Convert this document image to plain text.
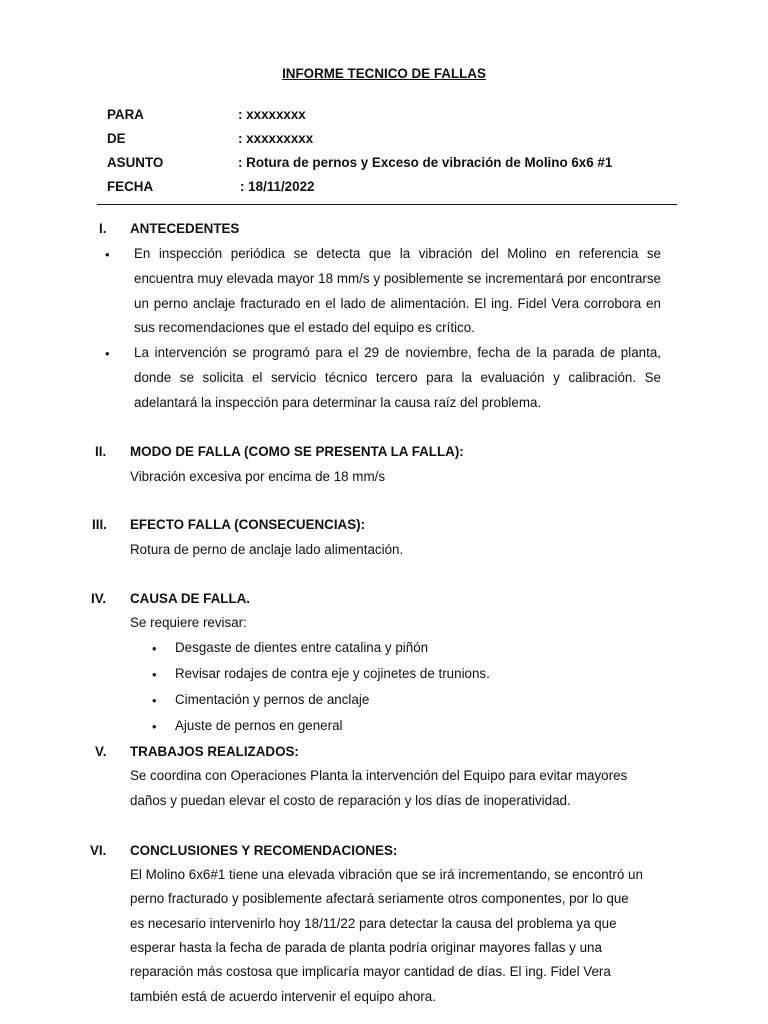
INFORME TECNICO DE FALLAS
PARA	: xxxxxxxx
DE	: xxxxxxxxx
ASUNTO	: Rotura de pernos y Exceso de vibración de Molino 6x6 #1
FECHA	: 18/11/2022
I. ANTECEDENTES
• En inspección periódica se detecta que la vibración del Molino en referencia se encuentra muy elevada mayor 18 mm/s y posiblemente se incrementará por encontrarse un perno anclaje fracturado en el lado de alimentación. El ing. Fidel Vera corrobora en sus recomendaciones que el estado del equipo es crítico.
• La intervención se programó para el 29 de noviembre, fecha de la parada de planta, donde se solicita el servicio técnico tercero para la evaluación y calibración. Se adelantará la inspección para determinar la causa raíz del problema.
II. MODO DE FALLA (COMO SE PRESENTA LA FALLA):
Vibración excesiva por encima de 18 mm/s
III. EFECTO FALLA (CONSECUENCIAS):
Rotura de perno de anclaje lado alimentación.
IV. CAUSA DE FALLA.
Se requiere revisar:
• Desgaste de dientes entre catalina y piñón
• Revisar rodajes de contra eje y cojinetes de trunions.
• Cimentación y pernos de anclaje
• Ajuste de pernos en general
V. TRABAJOS REALIZADOS:
Se coordina con Operaciones Planta la intervención del Equipo para evitar mayores
daños y puedan elevar el costo de reparación y los días de inoperatividad.
VI. CONCLUSIONES Y RECOMENDACIONES:
El Molino 6x6#1 tiene una elevada vibración que se irá incrementando, se encontró un
perno fracturado y posiblemente afectará seriamente otros componentes, por lo que
es necesario intervenirlo hoy 18/11/22 para detectar la causa del problema ya que
esperar hasta la fecha de parada de planta podría originar mayores fallas y una
reparación más costosa que implicaría mayor cantidad de días. El ing. Fidel Vera
también está de acuerdo intervenir el equipo ahora.
